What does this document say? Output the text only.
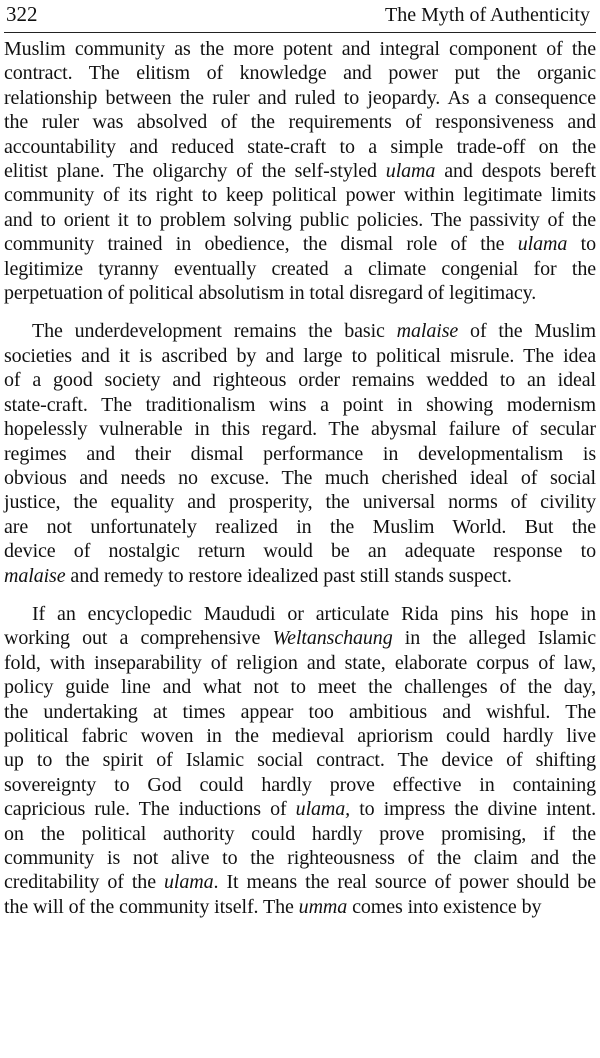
322	The Myth of Authenticity
Muslim community as the more potent and integral component of the
contract. The elitism of knowledge and power put the organic
relationship between the ruler and ruled to jeopardy. As a consequence
the ruler was absolved of the requirements of responsiveness and
accountability and reduced state-craft to a simple trade-off on the
elitist plane. The oligarchy of the self-styled ulama and despots bereft
community of its right to keep political power within legitimate limits
and to orient it to problem solving public policies. The passivity of the
community trained in obedience, the dismal role of the ulama to
legitimize tyranny eventually created a climate congenial for the
perpetuation of political absolutism in total disregard of legitimacy.
The underdevelopment remains the basic malaise of the Muslim
societies and it is ascribed by and large to political misrule. The idea
of a good society and righteous order remains wedded to an ideal
state-craft. The traditionalism wins a point in showing modernism
hopelessly vulnerable in this regard. The abysmal failure of secular
regimes and their dismal performance in developmentalism is
obvious and needs no excuse. The much cherished ideal of social
justice, the equality and prosperity, the universal norms of civility
are not unfortunately realized in the Muslim World. But the
device of nostalgic return would be an adequate response to
malaise and remedy to restore idealized past still stands suspect.
If an encyclopedic Maududi or articulate Rida pins his hope in
working out a comprehensive Weltanschaung in the alleged Islamic
fold, with inseparability of religion and state, elaborate corpus of law,
policy guide line and what not to meet the challenges of the day,
the undertaking at times appear too ambitious and wishful. The
political fabric woven in the medieval apriorism could hardly live
up to the spirit of Islamic social contract. The device of shifting
sovereignty to God could hardly prove effective in containing
capricious rule. The inductions of ulama, to impress the divine intent.
on the political authority could hardly prove promising, if the
community is not alive to the righteousness of the claim and the
creditability of the ulama. It means the real source of power should be
the will of the community itself. The umma comes into existence by
